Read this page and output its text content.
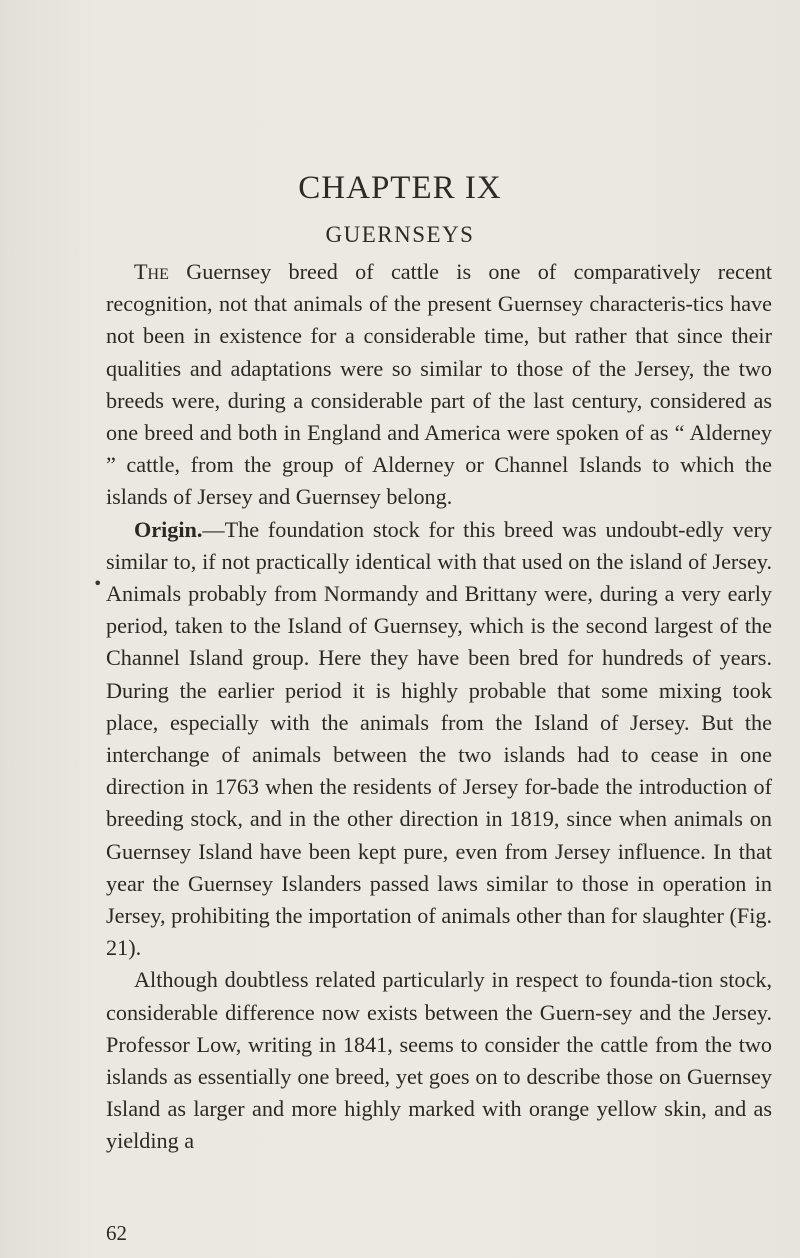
CHAPTER IX
GUERNSEYS
•

The Guernsey breed of cattle is one of comparatively recent recognition, not that animals of the present Guernsey characteris-tics have not been in existence for a considerable time, but rather that since their qualities and adaptations were so similar to those of the Jersey, the two breeds were, during a considerable part of the last century, considered as one breed and both in England and America were spoken of as “ Alderney ” cattle, from the group of Alderney or Channel Islands to which the islands of Jersey and Guernsey belong.

Origin.—The foundation stock for this breed was undoubt-edly very similar to, if not practically identical with that used on the island of Jersey. Animals probably from Normandy and Brittany were, during a very early period, taken to the Island of Guernsey, which is the second largest of the Channel Island group. Here they have been bred for hundreds of years. During the earlier period it is highly probable that some mixing took place, especially with the animals from the Island of Jersey. But the interchange of animals between the two islands had to cease in one direction in 1763 when the residents of Jersey for-bade the introduction of breeding stock, and in the other direction in 1819, since when animals on Guernsey Island have been kept pure, even from Jersey influence. In that year the Guernsey Islanders passed laws similar to those in operation in Jersey, prohibiting the importation of animals other than for slaughter (Fig. 21).

Although doubtless related particularly in respect to founda-tion stock, considerable difference now exists between the Guern-sey and the Jersey. Professor Low, writing in 1841, seems to consider the cattle from the two islands as essentially one breed, yet goes on to describe those on Guernsey Island as larger and more highly marked with orange yellow skin, and as yielding a

62
